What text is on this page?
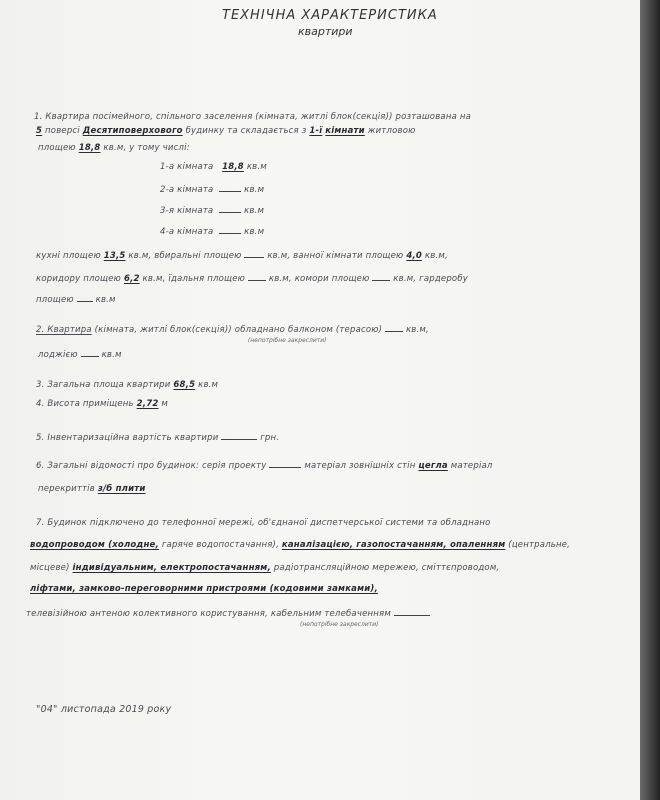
ТЕХНІЧНА ХАРАКТЕРИСТИКА
квартири
1. Квартира посімейного, спільного заселення (кімната, житлі блок(секція)) розташована на
5 поверсі Десятиповерхового будинку та складається з 1-ї кімнати житловою
площею 18,8 кв.м, у тому числі:
1-а кімната 18,8 кв.м
2-а кімната	кв.м
3-я кімната	кв.м
4-а кімната	кв.м
кухні площею 13,5 кв.м, вбиральні площею	кв.м, ванної кімнати площею 4,0 кв.м,
коридору площею 6,2 кв.м, їдальня площею	кв.м, комори площею	кв.м, гардеробу
площею	кв.м
2. Квартира (кімната, житлі блок(секція)) обладнано балконом (терасою)	кв.м,
(непотрібне закреслити)
лоджією	кв.м
3. Загальна площа квартири 68,5 кв.м
4. Висота приміщень 2,72 м
5. Інвентаризаційна вартість квартири	грн.
6. Загальні відомості про будинок: серія проекту	матеріал зовнішніх стін цегла матеріал
перекриттів з/б плити
7. Будинок підключено до телефонної мережі, об'єднаної диспетчерської системи та обладнано
водопроводом (холодне, гаряче водопостачання), каналізацією, газопостачанням, опаленням (центральне,
місцеве) індивідуальним, електропостачанням, радіотрансляційною мережею, сміттєпроводом,
ліфтами, замково-переговорними пристроями (кодовими замками),
телевізійною антеною колективного користування, кабельним телебаченням
(непотрібне закреслити)
"04" листопада 2019 року
